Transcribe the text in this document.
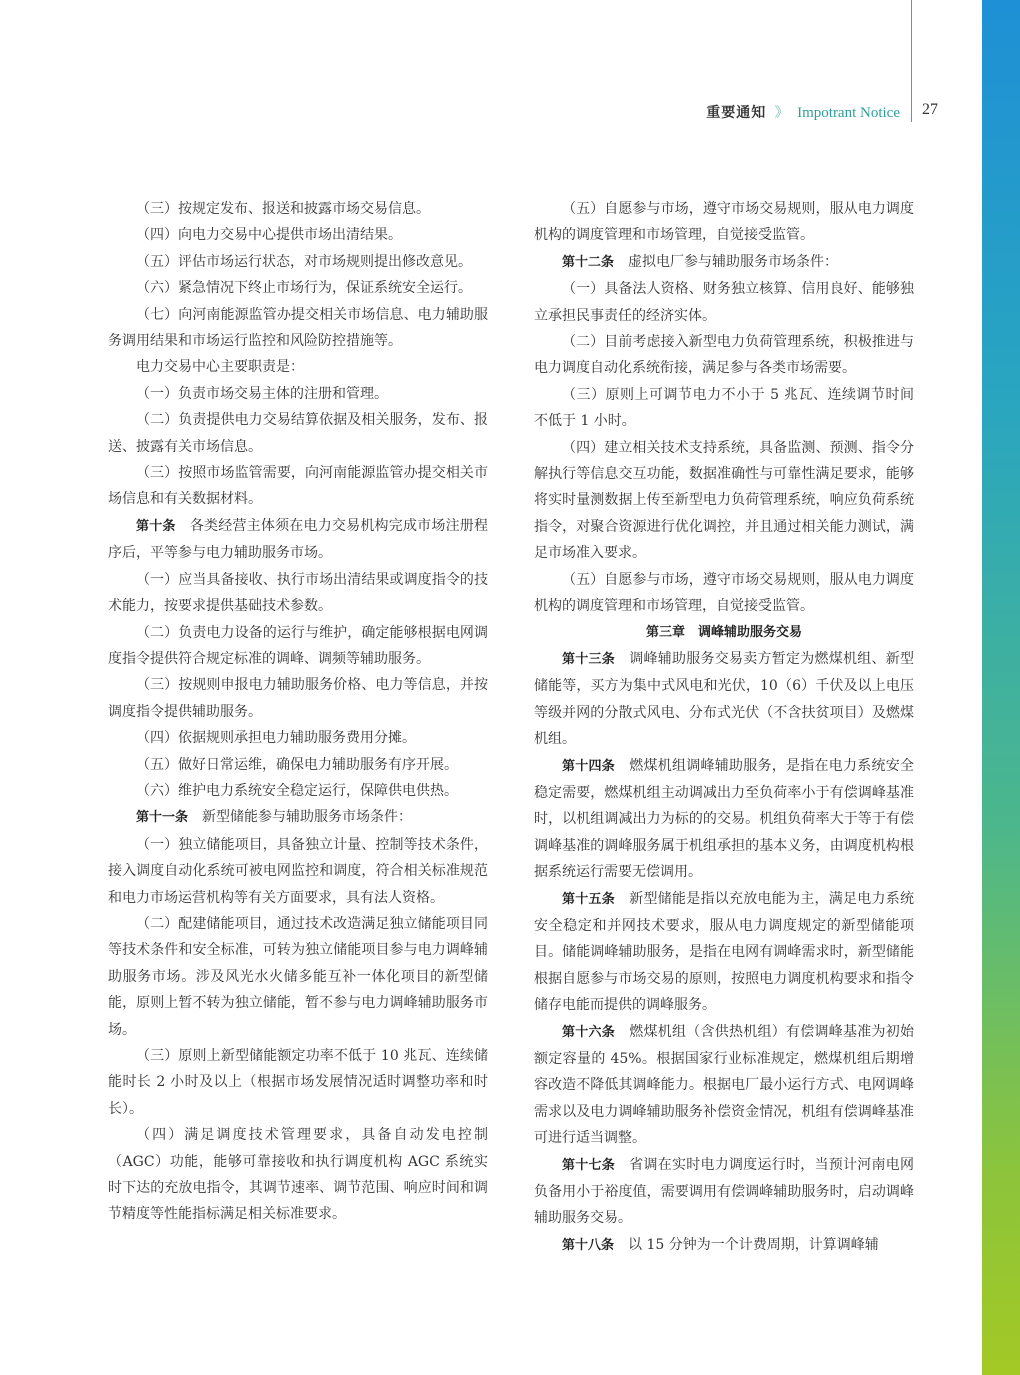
重要通知 》 Impotrant Notice 27

（三）按规定发布、报送和披露市场交易信息。

（四）向电力交易中心提供市场出清结果。

（五）评估市场运行状态，对市场规则提出修改意见。

（六）紧急情况下终止市场行为，保证系统安全运行。

（七）向河南能源监管办提交相关市场信息、电力辅助服务调用结果和市场运行监控和风险防控措施等。

电力交易中心主要职责是：

（一）负责市场交易主体的注册和管理。

（二）负责提供电力交易结算依据及相关服务，发布、报送、披露有关市场信息。

（三）按照市场监管需要，向河南能源监管办提交相关市场信息和有关数据材料。

第十条　各类经营主体须在电力交易机构完成市场注册程序后，平等参与电力辅助服务市场。

（一）应当具备接收、执行市场出清结果或调度指令的技术能力，按要求提供基础技术参数。

（二）负责电力设备的运行与维护，确定能够根据电网调度指令提供符合规定标准的调峰、调频等辅助服务。

（三）按规则申报电力辅助服务价格、电力等信息，并按调度指令提供辅助服务。

（四）依据规则承担电力辅助服务费用分摊。

（五）做好日常运维，确保电力辅助服务有序开展。

（六）维护电力系统安全稳定运行，保障供电供热。

第十一条　新型储能参与辅助服务市场条件：

（一）独立储能项目，具备独立计量、控制等技术条件，接入调度自动化系统可被电网监控和调度，符合相关标准规范和电力市场运营机构等有关方面要求，具有法人资格。

（二）配建储能项目，通过技术改造满足独立储能项目同等技术条件和安全标准，可转为独立储能项目参与电力调峰辅助服务市场。涉及风光水火储多能互补一体化项目的新型储能，原则上暂不转为独立储能，暂不参与电力调峰辅助服务市场。

（三）原则上新型储能额定功率不低于 10 兆瓦、连续储能时长 2 小时及以上（根据市场发展情况适时调整功率和时长）。

（四）满足调度技术管理要求，具备自动发电控制（AGC）功能，能够可靠接收和执行调度机构 AGC 系统实时下达的充放电指令，其调节速率、调节范围、响应时间和调节精度等性能指标满足相关标准要求。

（五）自愿参与市场，遵守市场交易规则，服从电力调度机构的调度管理和市场管理，自觉接受监管。

第十二条　虚拟电厂参与辅助服务市场条件：

（一）具备法人资格、财务独立核算、信用良好、能够独立承担民事责任的经济实体。

（二）目前考虑接入新型电力负荷管理系统，积极推进与电力调度自动化系统衔接，满足参与各类市场需要。

（三）原则上可调节电力不小于 5 兆瓦、连续调节时间不低于 1 小时。

（四）建立相关技术支持系统，具备监测、预测、指令分解执行等信息交互功能，数据准确性与可靠性满足要求，能够将实时量测数据上传至新型电力负荷管理系统，响应负荷系统指令，对聚合资源进行优化调控，并且通过相关能力测试，满足市场准入要求。

（五）自愿参与市场，遵守市场交易规则，服从电力调度机构的调度管理和市场管理，自觉接受监管。

第三章　调峰辅助服务交易

第十三条　调峰辅助服务交易卖方暂定为燃煤机组、新型储能等，买方为集中式风电和光伏，10（6）千伏及以上电压等级并网的分散式风电、分布式光伏（不含扶贫项目）及燃煤机组。

第十四条　燃煤机组调峰辅助服务，是指在电力系统安全稳定需要，燃煤机组主动调减出力至负荷率小于有偿调峰基准时，以机组调减出力为标的的交易。机组负荷率大于等于有偿调峰基准的调峰服务属于机组承担的基本义务，由调度机构根据系统运行需要无偿调用。

第十五条　新型储能是指以充放电能为主，满足电力系统安全稳定和并网技术要求，服从电力调度规定的新型储能项目。储能调峰辅助服务，是指在电网有调峰需求时，新型储能根据自愿参与市场交易的原则，按照电力调度机构要求和指令储存电能而提供的调峰服务。

第十六条　燃煤机组（含供热机组）有偿调峰基准为初始额定容量的 45%。根据国家行业标准规定，燃煤机组后期增容改造不降低其调峰能力。根据电厂最小运行方式、电网调峰需求以及电力调峰辅助服务补偿资金情况，机组有偿调峰基准可进行适当调整。

第十七条　省调在实时电力调度运行时，当预计河南电网负备用小于裕度值，需要调用有偿调峰辅助服务时，启动调峰辅助服务交易。

第十八条　以 15 分钟为一个计费周期，计算调峰辅
